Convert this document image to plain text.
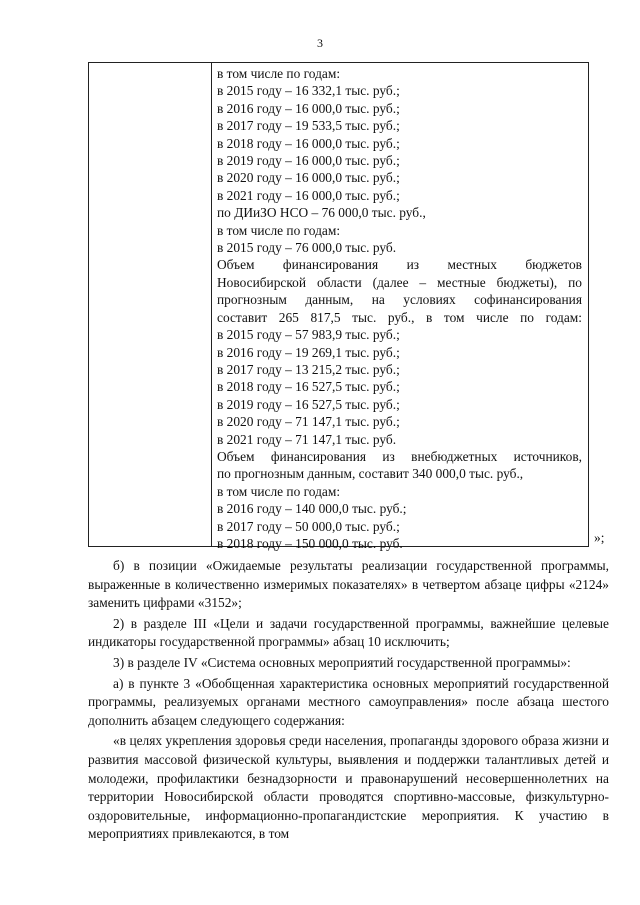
3
в том числе по годам:
в 2015 году – 16 332,1 тыс. руб.;
в 2016 году – 16 000,0 тыс. руб.;
в 2017 году – 19 533,5 тыс. руб.;
в 2018 году – 16 000,0 тыс. руб.;
в 2019 году – 16 000,0 тыс. руб.;
в 2020 году – 16 000,0 тыс. руб.;
в 2021 году – 16 000,0 тыс. руб.;
по ДИиЗО НСО – 76 000,0 тыс. руб.,
в том числе по годам:
в 2015 году – 76 000,0 тыс. руб.
Объем финансирования из местных бюджетов
Новосибирской области (далее – местные бюджеты), по
прогнозным данным, на условиях софинансирования
составит 265 817,5 тыс. руб., в том числе по годам:
в 2015 году – 57 983,9 тыс. руб.;
в 2016 году – 19 269,1 тыс. руб.;
в 2017 году – 13 215,2 тыс. руб.;
в 2018 году – 16 527,5 тыс. руб.;
в 2019 году – 16 527,5 тыс. руб.;
в 2020 году – 71 147,1 тыс. руб.;
в 2021 году – 71 147,1 тыс. руб.
Объем финансирования из внебюджетных источников,
по прогнозным данным, составит 340 000,0 тыс. руб.,
в том числе по годам:
в 2016 году – 140 000,0 тыс. руб.;
в 2017 году – 50 000,0 тыс. руб.;
в 2018 году – 150 000,0 тыс. руб.	»;

б) в позиции «Ожидаемые результаты реализации государственной программы, выраженные в количественно измеримых показателях» в четвертом абзаце цифры «2124» заменить цифрами «3152»;

2) в разделе III «Цели и задачи государственной программы, важнейшие целевые индикаторы государственной программы» абзац 10 исключить;

3) в разделе IV «Система основных мероприятий государственной программы»:

а) в пункте 3 «Обобщенная характеристика основных мероприятий государственной программы, реализуемых органами местного самоуправления» после абзаца шестого дополнить абзацем следующего содержания:

«в целях укрепления здоровья среди населения, пропаганды здорового образа жизни и развития массовой физической культуры, выявления и поддержки талантливых детей и молодежи, профилактики безнадзорности и правонарушений несовершеннолетних на территории Новосибирской области проводятся спортивно-массовые, физкультурно-оздоровительные, информационно-пропагандистские мероприятия. К участию в мероприятиях привлекаются, в том
